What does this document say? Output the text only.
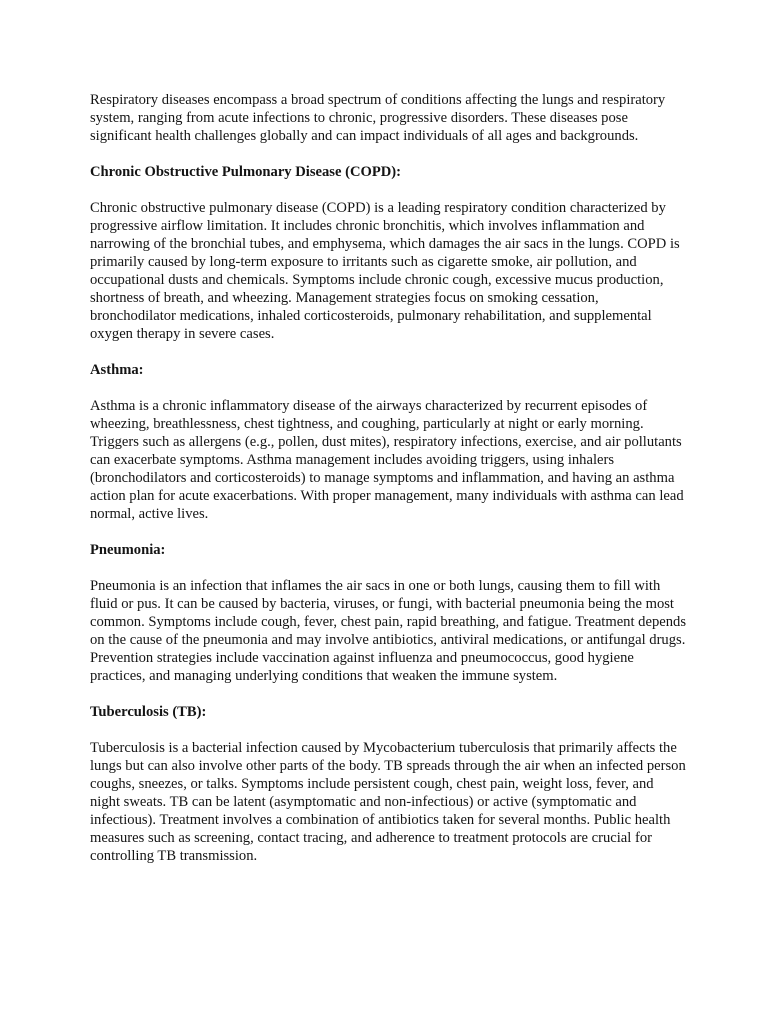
Respiratory diseases encompass a broad spectrum of conditions affecting the lungs and respiratory system, ranging from acute infections to chronic, progressive disorders. These diseases pose significant health challenges globally and can impact individuals of all ages and backgrounds.

Chronic Obstructive Pulmonary Disease (COPD):

Chronic obstructive pulmonary disease (COPD) is a leading respiratory condition characterized by progressive airflow limitation. It includes chronic bronchitis, which involves inflammation and narrowing of the bronchial tubes, and emphysema, which damages the air sacs in the lungs. COPD is primarily caused by long-term exposure to irritants such as cigarette smoke, air pollution, and occupational dusts and chemicals. Symptoms include chronic cough, excessive mucus production, shortness of breath, and wheezing. Management strategies focus on smoking cessation, bronchodilator medications, inhaled corticosteroids, pulmonary rehabilitation, and supplemental oxygen therapy in severe cases.

Asthma:

Asthma is a chronic inflammatory disease of the airways characterized by recurrent episodes of wheezing, breathlessness, chest tightness, and coughing, particularly at night or early morning. Triggers such as allergens (e.g., pollen, dust mites), respiratory infections, exercise, and air pollutants can exacerbate symptoms. Asthma management includes avoiding triggers, using inhalers (bronchodilators and corticosteroids) to manage symptoms and inflammation, and having an asthma action plan for acute exacerbations. With proper management, many individuals with asthma can lead normal, active lives.

Pneumonia:

Pneumonia is an infection that inflames the air sacs in one or both lungs, causing them to fill with fluid or pus. It can be caused by bacteria, viruses, or fungi, with bacterial pneumonia being the most common. Symptoms include cough, fever, chest pain, rapid breathing, and fatigue. Treatment depends on the cause of the pneumonia and may involve antibiotics, antiviral medications, or antifungal drugs. Prevention strategies include vaccination against influenza and pneumococcus, good hygiene practices, and managing underlying conditions that weaken the immune system.

Tuberculosis (TB):

Tuberculosis is a bacterial infection caused by Mycobacterium tuberculosis that primarily affects the lungs but can also involve other parts of the body. TB spreads through the air when an infected person coughs, sneezes, or talks. Symptoms include persistent cough, chest pain, weight loss, fever, and night sweats. TB can be latent (asymptomatic and non-infectious) or active (symptomatic and infectious). Treatment involves a combination of antibiotics taken for several months. Public health measures such as screening, contact tracing, and adherence to treatment protocols are crucial for controlling TB transmission.
